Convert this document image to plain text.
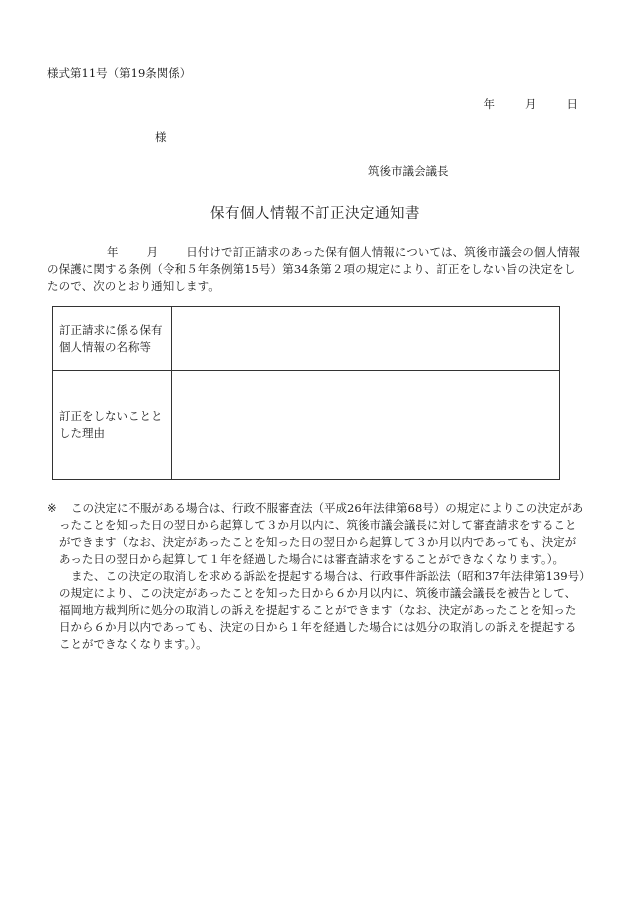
様式第11号（第19条関係）
年	月	日
様
筑後市議会議長
保有個人情報不訂正決定通知書
年 月 日付けで訂正請求のあった保有個人情報については、筑後市議会の個人情報の保護に関する条例（令和５年条例第15号）第34条第２項の規定により、訂正をしない旨の決定をしたので、次のとおり通知します。
訂正請求に係る保有個人情報の名称等	
訂正をしないこととした理由	

※ この決定に不服がある場合は、行政不服審査法（平成26年法律第68号）の規定によりこの決定があったことを知った日の翌日から起算して３か月以内に、筑後市議会議長に対して審査請求をすることができます（なお、決定があったことを知った日の翌日から起算して３か月以内であっても、決定があった日の翌日から起算して１年を経過した場合には審査請求をすることができなくなります。）。

また、この決定の取消しを求める訴訟を提起する場合は、行政事件訴訟法（昭和37年法律第139号）の規定により、この決定があったことを知った日から６か月以内に、筑後市議会議長を被告として、福岡地方裁判所に処分の取消しの訴えを提起することができます（なお、決定があったことを知った日から６か月以内であっても、決定の日から１年を経過した場合には処分の取消しの訴えを提起することができなくなります。）。
